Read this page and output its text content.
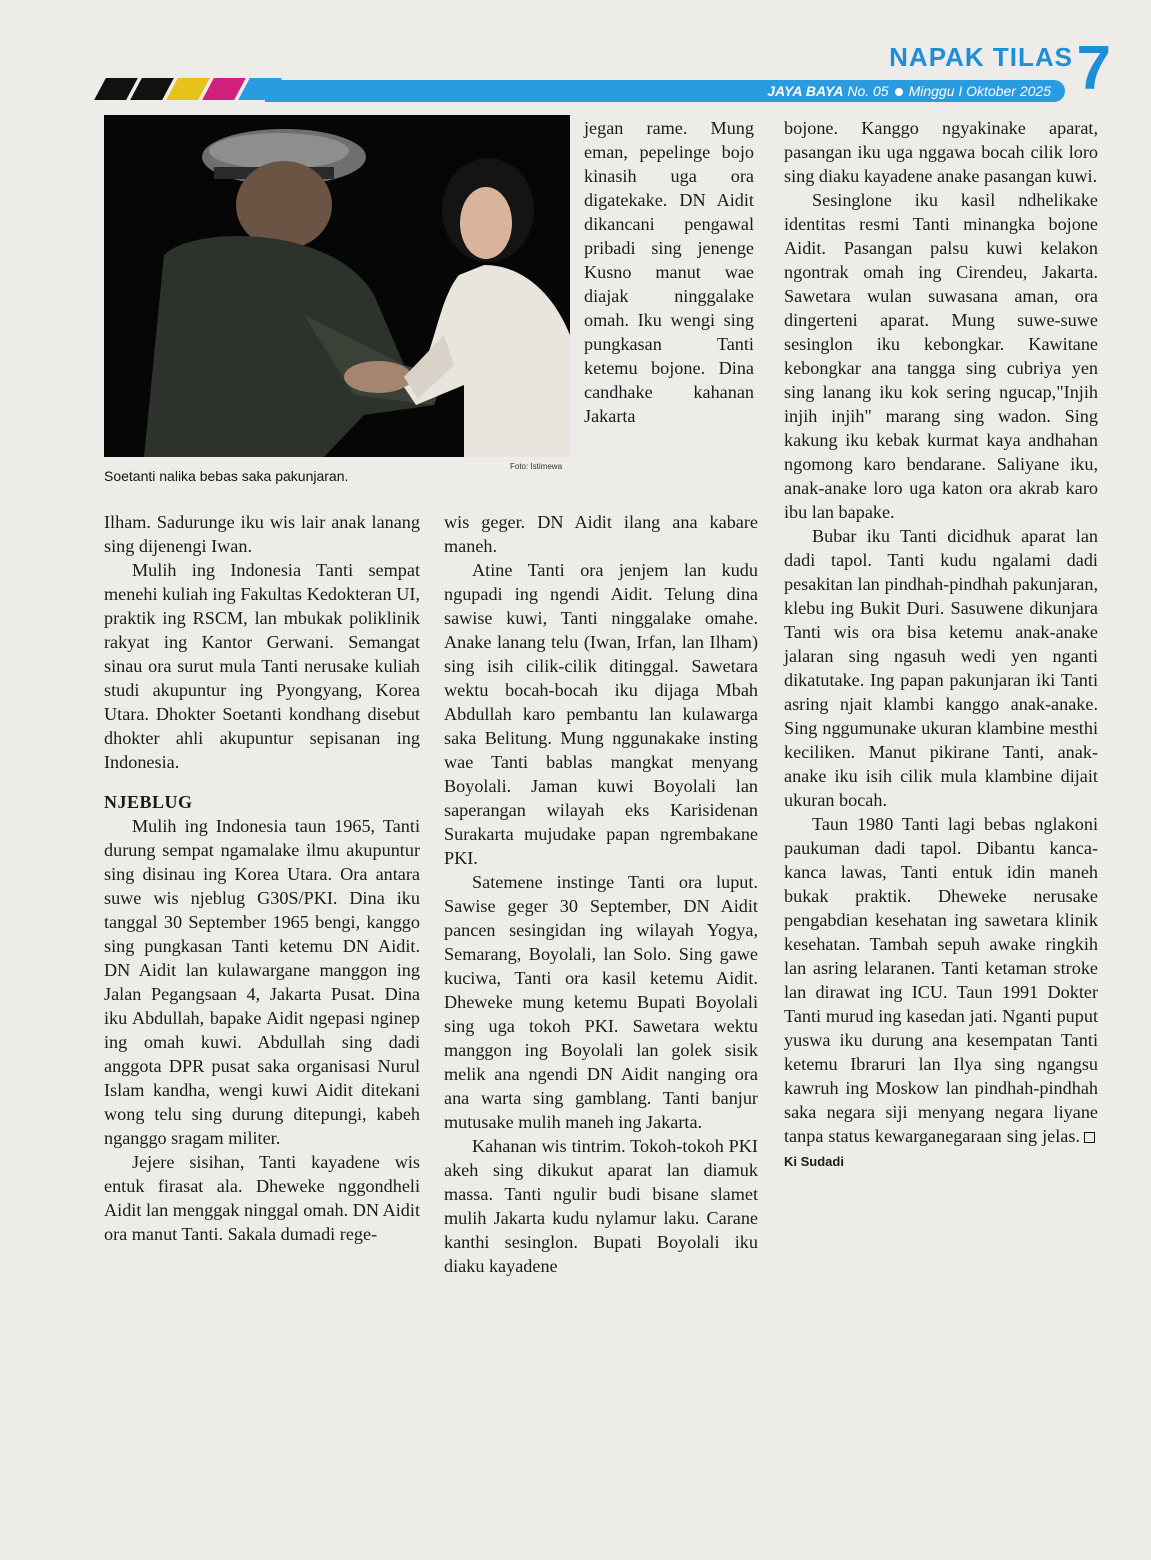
NAPAK TILAS 7
JAYA BAYA No. 05 Minggu I Oktober 2025
Soetanti nalika bebas saka pakunjaran.
Foto: Istimewa

Ilham. Sadurunge iku wis lair anak lanang sing dijenengi Iwan.

Mulih ing Indonesia Tanti sempat menehi kuliah ing Fakultas Kedokteran UI, praktik ing RSCM, lan mbukak poliklinik rakyat ing Kantor Gerwani. Semangat sinau ora surut mula Tanti nerusake kuliah studi akupuntur ing Pyongyang, Korea Utara. Dhokter Soetanti kondhang disebut dhokter ahli akupuntur sepisanan ing Indonesia.

NJEBLUG

Mulih ing Indonesia taun 1965, Tanti durung sempat ngamalake ilmu akupuntur sing disinau ing Korea Utara. Ora antara suwe wis njeblug G30S/PKI. Dina iku tanggal 30 September 1965 bengi, kanggo sing pungkasan Tanti ketemu DN Aidit. DN Aidit lan kulawargane manggon ing Jalan Pegangsaan 4, Jakarta Pusat. Dina iku Abdullah, bapake Aidit ngepasi nginep ing omah kuwi. Abdullah sing dadi anggota DPR pusat saka organisasi Nurul Islam kandha, wengi kuwi Aidit ditekani wong telu sing durung ditepungi, kabeh nganggo sragam militer.

Jejere sisihan, Tanti kayadene wis entuk firasat ala. Dheweke nggondheli Aidit lan menggak ninggal omah. DN Aidit ora manut Tanti. Sakala dumadi rege-

jegan rame. Mung eman, pepelinge bojo kinasih uga ora digatekake. DN Aidit dikancani pengawal pribadi sing jenenge Kusno manut wae diajak ninggalake omah. Iku wengi sing pungkasan Tanti ketemu bojone. Dina candhake kahanan Jakarta

wis geger. DN Aidit ilang ana kabare maneh.

Atine Tanti ora jenjem lan kudu ngupadi ing ngendi Aidit. Telung dina sawise kuwi, Tanti ninggalake omahe. Anake lanang telu (Iwan, Irfan, lan Ilham) sing isih cilik-cilik ditinggal. Sawetara wektu bocah-bocah iku dijaga Mbah Abdullah karo pembantu lan kulawarga saka Belitung. Mung nggunakake insting wae Tanti bablas mangkat menyang Boyolali. Jaman kuwi Boyolali lan saperangan wilayah eks Karisidenan Surakarta mujudake papan ngrembakane PKI.

Satemene instinge Tanti ora luput. Sawise geger 30 September, DN Aidit pancen sesingidan ing wilayah Yogya, Semarang, Boyolali, lan Solo. Sing gawe kuciwa, Tanti ora kasil ketemu Aidit. Dheweke mung ketemu Bupati Boyolali sing uga tokoh PKI. Sawetara wektu manggon ing Boyolali lan golek sisik melik ana ngendi DN Aidit nanging ora ana warta sing gamblang. Tanti banjur mutusake mulih maneh ing Jakarta.

Kahanan wis tintrim. Tokoh-tokoh PKI akeh sing dikukut aparat lan diamuk massa. Tanti ngulir budi bisane slamet mulih Jakarta kudu nylamur laku. Carane kanthi sesinglon. Bupati Boyolali iku diaku kayadene

bojone. Kanggo ngyakinake aparat, pasangan iku uga nggawa bocah cilik loro sing diaku kayadene anake pasangan kuwi.

Sesinglone iku kasil ndhelikake identitas resmi Tanti minangka bojone Aidit. Pasangan palsu kuwi kelakon ngontrak omah ing Cirendeu, Jakarta. Sawetara wulan suwasana aman, ora dingerteni aparat. Mung suwe-suwe sesinglon iku kebongkar. Kawitane kebongkar ana tangga sing cubriya yen sing lanang iku kok sering ngucap,"Injih injih injih" marang sing wadon. Sing kakung iku kebak kurmat kaya andhahan ngomong karo bendarane. Saliyane iku, anak-anake loro uga katon ora akrab karo ibu lan bapake.

Bubar iku Tanti dicidhuk aparat lan dadi tapol. Tanti kudu ngalami dadi pesakitan lan pindhah-pindhah pakunjaran, klebu ing Bukit Duri. Sasuwene dikunjara Tanti wis ora bisa ketemu anak-anake jalaran sing ngasuh wedi yen nganti dikatutake. Ing papan pakunjaran iki Tanti asring njait klambi kanggo anak-anake. Sing nggumunake ukuran klambine mesthi keciliken. Manut pikirane Tanti, anak-anake iku isih cilik mula klambine dijait ukuran bocah.

Taun 1980 Tanti lagi bebas nglakoni paukuman dadi tapol. Dibantu kanca-kanca lawas, Tanti entuk idin maneh bukak praktik. Dheweke nerusake pengabdian kesehatan ing sawetara klinik kesehatan. Tambah sepuh awake ringkih lan asring lelaranen. Tanti ketaman stroke lan dirawat ing ICU. Taun 1991 Dokter Tanti murud ing kasedan jati. Nganti puput yuswa iku durung ana kesempatan Tanti ketemu Ibraruri lan Ilya sing ngangsu kawruh ing Moskow lan pindhah-pindhah saka negara siji menyang negara liyane tanpa status kewarganegaraan sing jelas.Ki Sudadi
